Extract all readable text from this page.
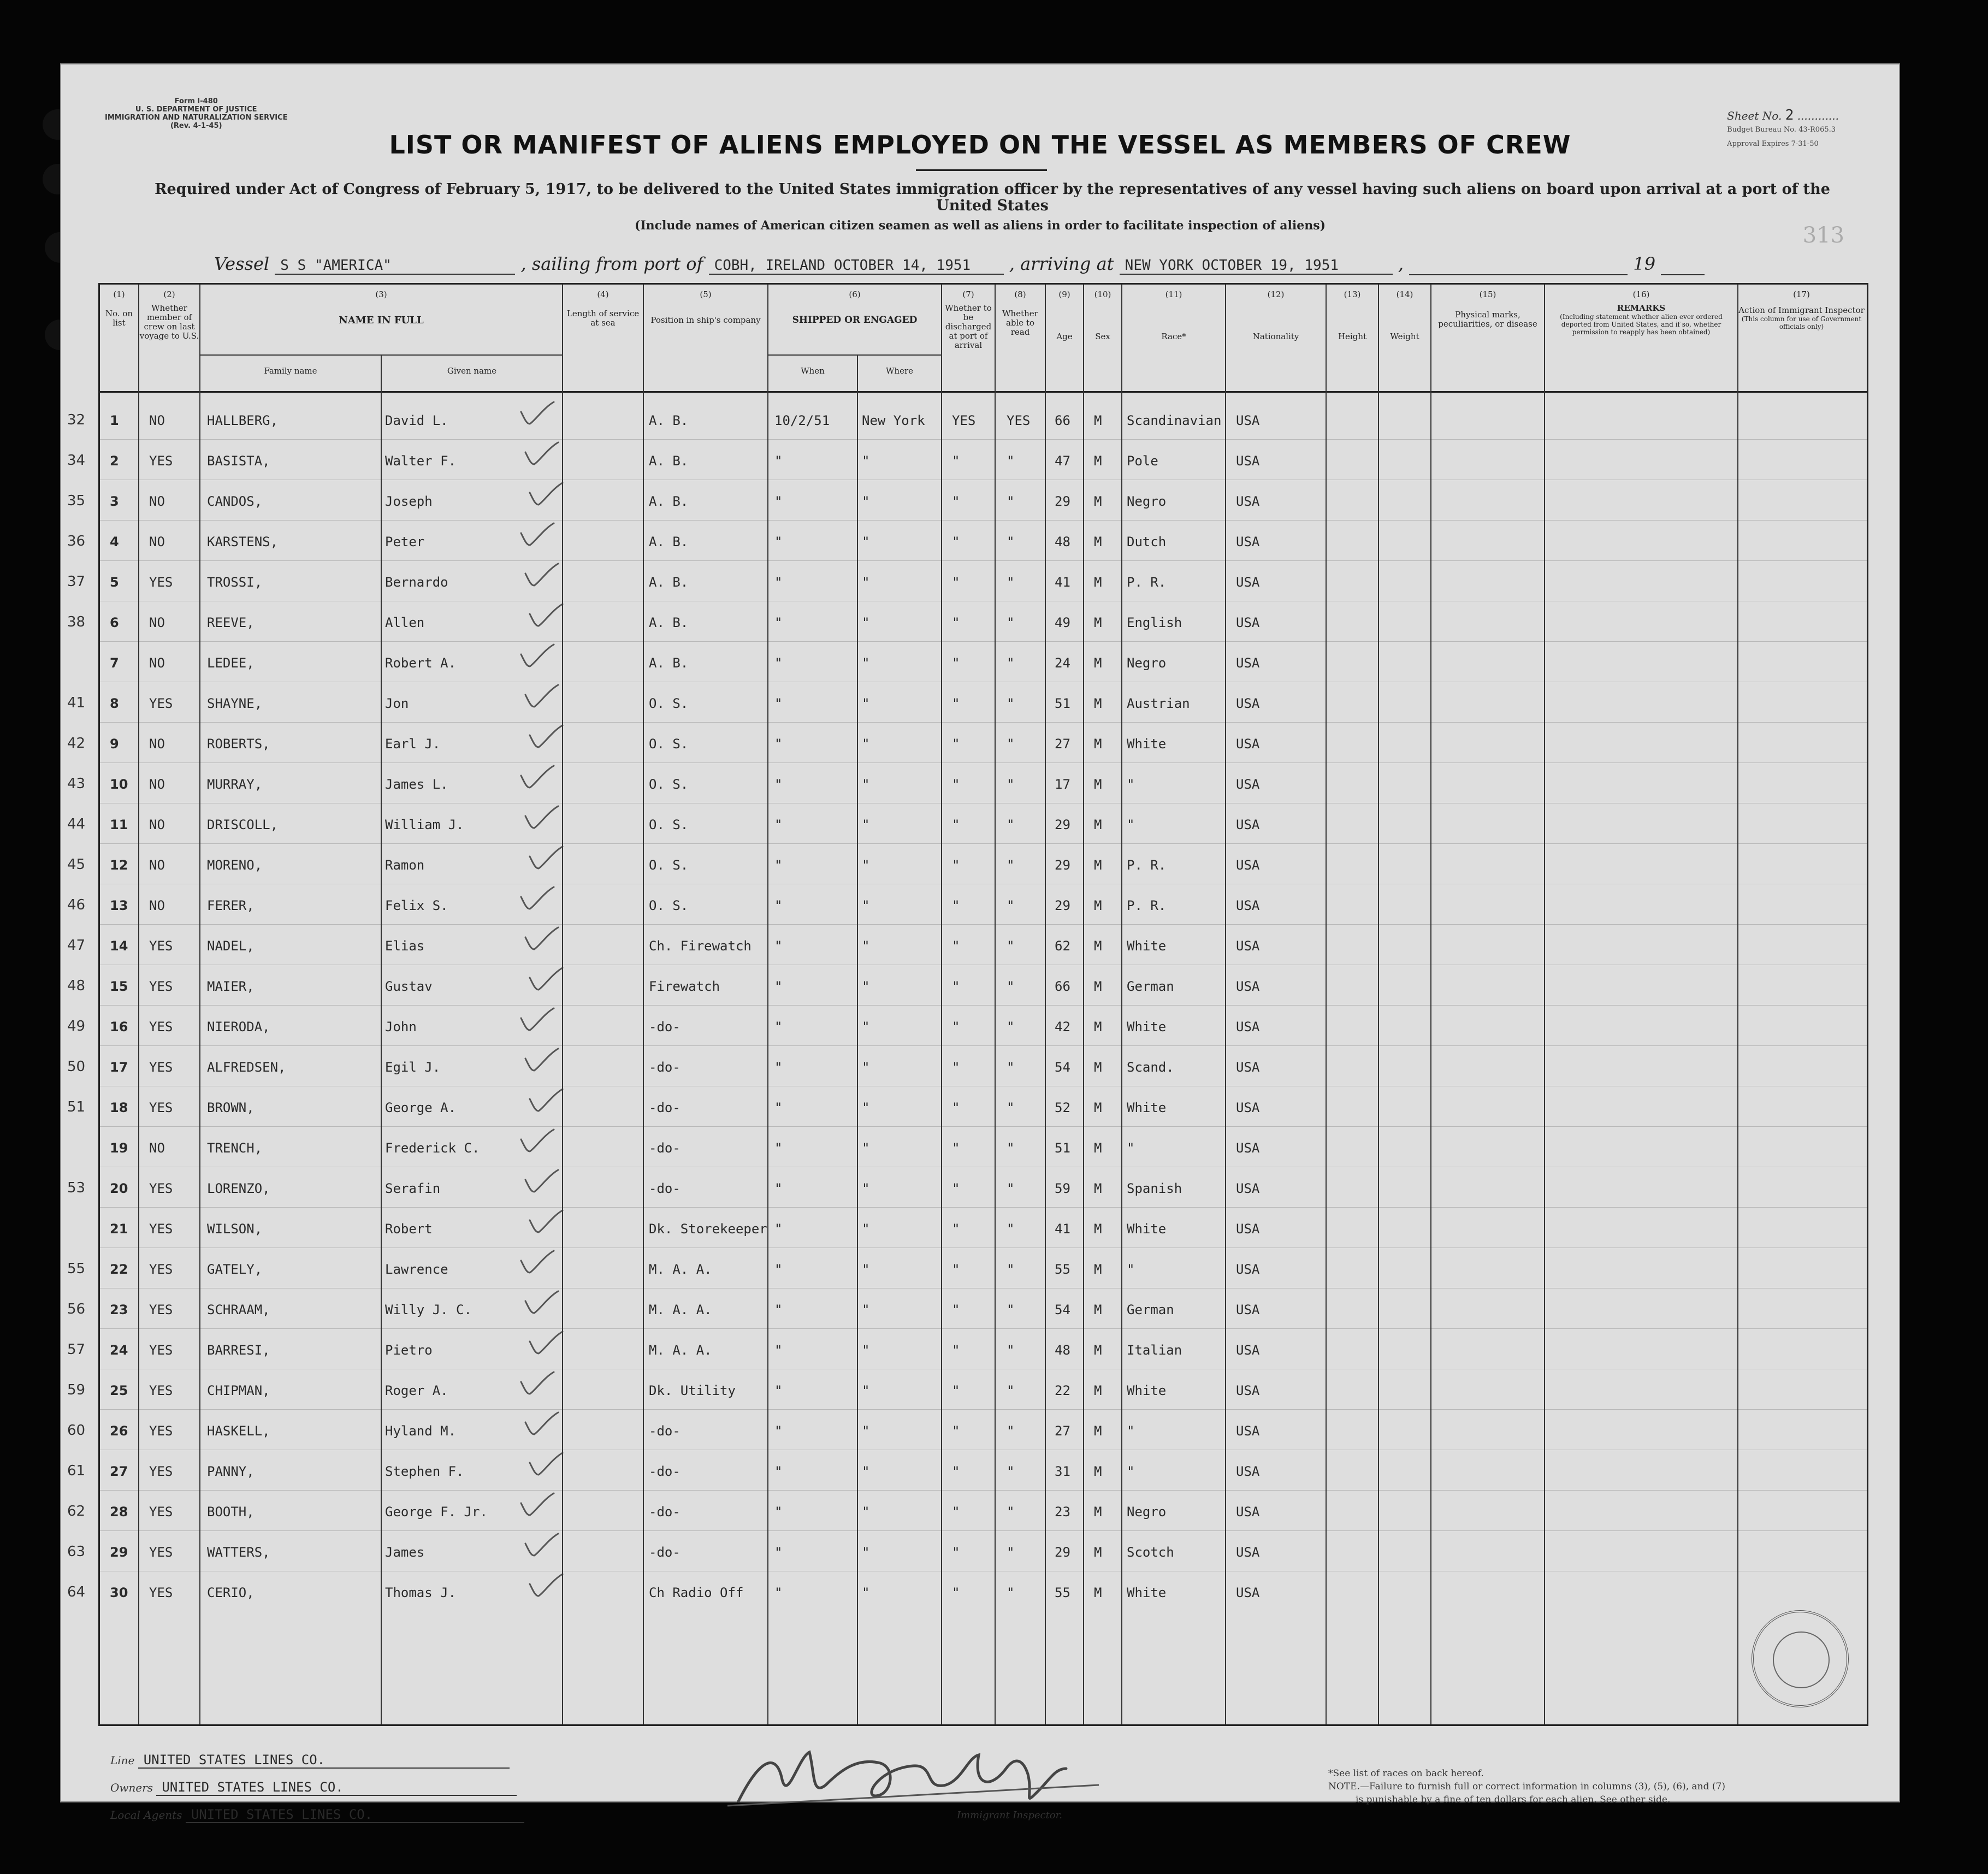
Form I-480
U. S. DEPARTMENT OF JUSTICE
IMMIGRATION AND NATURALIZATION SERVICE
(Rev. 4-1-45)
Sheet No. 2 ............
Budget Bureau No. 43-R065.3
Approval Expires 7-31-50
313
LIST OR MANIFEST OF ALIENS EMPLOYED ON THE VESSEL AS MEMBERS OF CREW
Required under Act of Congress of February 5, 1917, to be delivered to the United States immigration officer by the representatives of any vessel having such aliens on board upon arrival at a port of the United States
(Include names of American citizen seamen as well as aliens in order to facilitate inspection of aliens)
Vessel S S "AMERICA"	, sailing from port of COBH, IRELAND OCTOBER 14, 1951 , arriving at NEW YORK OCTOBER 19, 1951	,	19
(1)
No. on list
(2)
Whether member of crew on last voyage to U.S.
(3)
NAME IN FULL
Family name	Given name
(4)
Length of service at sea
(5)
Position in ship's company
(6)
SHIPPED OR ENGAGED
When	Where
(7)
Whether to be discharged at port of arrival
(8)
Whether able to read
(9)
Age
(10)
Sex
(11)
Race*
(12)
Nationality
(13)
Height
(14)
Weight
(15)
Physical marks, peculiarities, or disease
(16)
REMARKS
(Including statement whether alien ever ordered deported from United States, and if so, whether permission to reapply has been obtained)
(17)
Action of Immigrant Inspector
(This column for use of Government officials only)
32 1 NO	HALLBERG,	David L.	A. B.	10/2/51 New York YES YES 66 M Scandinavian USA
34 2 YES	BASISTA,	Walter F.	A. B.	"	"	"	"	47 M Pole	USA
35 3 NO	CANDOS,	Joseph	A. B.	"	"	"	"	29 M Negro	USA
36 4 NO	KARSTENS,	Peter	A. B.	"	"	"	"	48 M Dutch	USA
37 5 YES	TROSSI,	Bernardo	A. B.	"	"	"	"	41 M P. R.	USA
38 6 NO	REEVE,	Allen	A. B.	"	"	"	"	49 M English	USA
7 NO	LEDEE,	Robert A.	A. B.	"	"	"	"	24 M Negro	USA
41 8 YES	SHAYNE,	Jon	O. S.	"	"	"	"	51 M Austrian	USA
42 9 NO	ROBERTS,	Earl J.	O. S.	"	"	"	"	27 M White	USA
43 10 NO	MURRAY,	James L.	O. S.	"	"	"	"	17 M "	USA
44 11 NO	DRISCOLL,	William J.	O. S.	"	"	"	"	29 M "	USA
45 12 NO	MORENO,	Ramon	O. S.	"	"	"	"	29 M P. R.	USA
46 13 NO	FERER,	Felix S.	O. S.	"	"	"	"	29 M P. R.	USA
47 14 YES	NADEL,	Elias	Ch. Firewatch "	"	"	"	62 M White	USA
48 15 YES	MAIER,	Gustav	Firewatch	"	"	"	"	66 M German	USA
49 16 YES	NIERODA,	John	-do-	"	"	"	"	42 M White	USA
50 17 YES	ALFREDSEN,	Egil J.	-do-	"	"	"	"	54 M Scand.	USA
51 18 YES	BROWN,	George A.	-do-	"	"	"	"	52 M White	USA
19 NO	TRENCH,	Frederick C.	-do-	"	"	"	"	51 M "	USA
53 20 YES	LORENZO,	Serafin	-do-	"	"	"	"	59 M Spanish	USA
21 YES	WILSON,	Robert	Dk. Storekeeper "	"	"	"	41 M White	USA
55 22 YES	GATELY,	Lawrence	M. A. A.	"	"	"	"	55 M "	USA
56 23 YES	SCHRAAM,	Willy J. C.	M. A. A.	"	"	"	"	54 M German	USA
57 24 YES	BARRESI,	Pietro	M. A. A.	"	"	"	"	48 M Italian	USA
59 25 YES	CHIPMAN,	Roger A.	Dk. Utility	"	"	"	"	22 M White	USA
60 26 YES	HASKELL,	Hyland M.	-do-	"	"	"	"	27 M "	USA
61 27 YES	PANNY,	Stephen F.	-do-	"	"	"	"	31 M "	USA
62 28 YES	BOOTH,	George F. Jr.	-do-	"	"	"	"	23 M Negro	USA
63 29 YES	WATTERS,	James	-do-	"	"	"	"	29 M Scotch	USA
64 30 YES	CERIO,	Thomas J.	Ch Radio Off "	"	"	"	55 M White	USA
Line UNITED STATES LINES CO.
Owners UNITED STATES LINES CO.
Local Agents UNITED STATES LINES CO.	Immigrant Inspector.
*See list of races on back hereof.
NOTE.—Failure to furnish full or correct information in columns (3), (5), (6), and (7)
is punishable by a fine of ten dollars for each alien. See other side.
